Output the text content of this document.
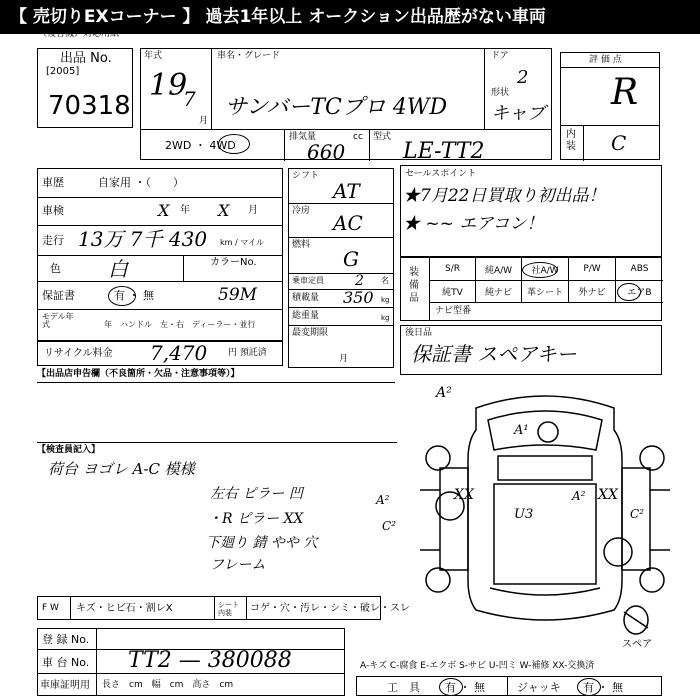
【 売切りEXコーナー 】 過去1年以上 オークション出品歴がない車両
（複告機）対応用紙
出品 No.
[2005]
70318
年式
19
7
月
車名・グレード
サンバーTCプロ 4WD
ドア
2
形状
キャブ
2WD ・ 4WD
排気量	cc
660
型式
LE-TT2
評 価 点
R
内装 C
車歴	自家用 ・（　　）
車検	X 年 X 月
走行 13万 7千 430 km / マイル
色 白	カラーNo.
保証書	有 ・ 無	59M
モデル年式	年　ハンドル　左・右　ディーラー・並行
リサイクル料金 7,470 円 預託済
シフト
AT
冷房 AC
燃料
G
乗車定員 2 名
積載量 350 kg
総重量	kg
最変期限
月
セールスポイント
★7月22日買取り初出品！
★ ~~ エアコン！
装備品
S/R	純A/W	社A/W	P/W	ABS
純TV	純ナビ	革シート	外ナビ	エアB
ナビ型番
後日品
保証書 スペアキー
【出品店申告欄（不良箇所・欠品・注意事項等）】
【検査員記入】
荷台 ヨゴレ A-C 模様
左右 ピラー 凹
・R ピラー XX
下廻り 錆 やや 穴
フレーム
A²
A¹
XX	XX
U3
A²
C²
A²
C²
スペア
F W キズ・ヒビ石・割レX	シート内装	コゲ・穴・汚レ・シミ・破レ・スレ
登 録 No.
車 台 No. TT2 — 380088
車庫証明用 長さ　cm　幅　cm　高さ　cm
A-キズ C-腐食 E-エクボ S-サビ U-凹ミ W-補修 XX-交換済
工　具 有 ・ 無	ジャッキ 有 ・ 無
